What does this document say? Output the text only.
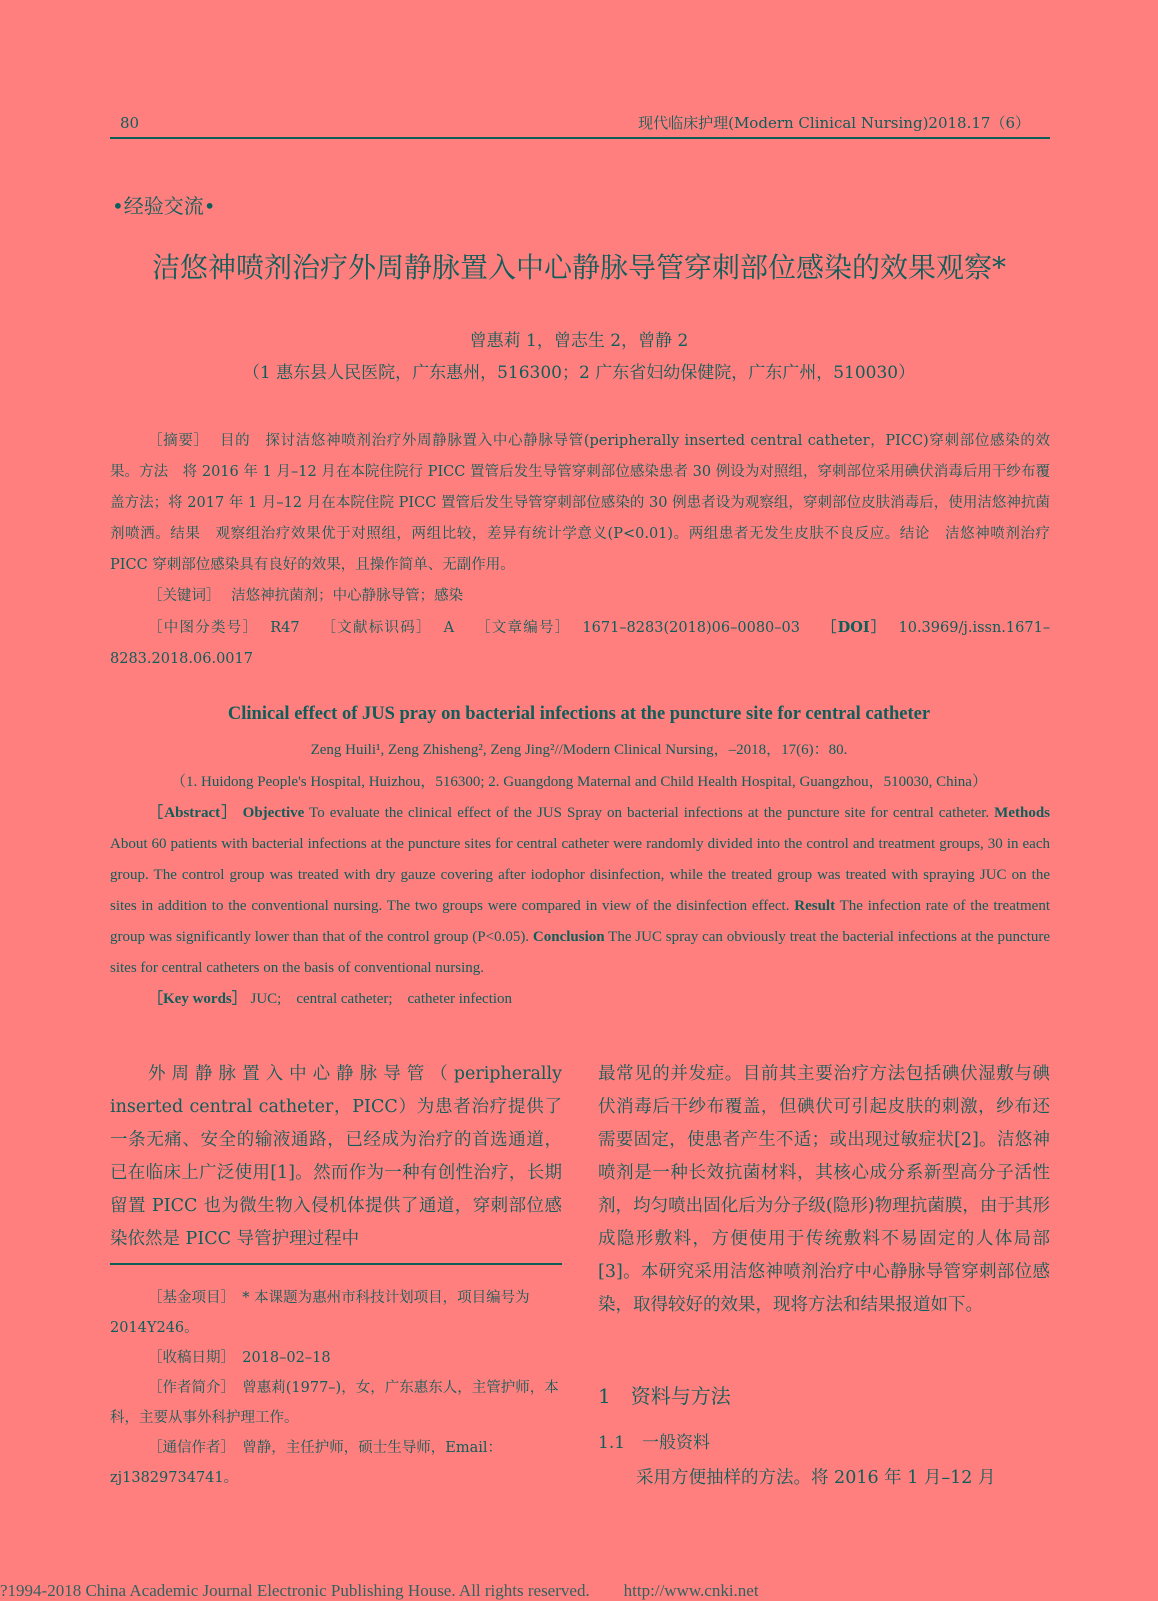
80	现代临床护理(Modern Clinical Nursing)2018.17（6）
•经验交流•
洁悠神喷剂治疗外周静脉置入中心静脉导管穿刺部位感染的效果观察*
曾惠莉 1，曾志生 2，曾静 2
（1 惠东县人民医院，广东惠州，516300；2 广东省妇幼保健院，广东广州，510030）

［摘要］ 目的　探讨洁悠神喷剂治疗外周静脉置入中心静脉导管(peripherally inserted central catheter，PICC)穿刺部位感染的效果。方法　将 2016 年 1 月–12 月在本院住院行 PICC 置管后发生导管穿刺部位感染患者 30 例设为对照组，穿刺部位采用碘伏消毒后用干纱布覆盖方法；将 2017 年 1 月–12 月在本院住院 PICC 置管后发生导管穿刺部位感染的 30 例患者设为观察组，穿刺部位皮肤消毒后，使用洁悠神抗菌剂喷洒。结果　观察组治疗效果优于对照组，两组比较，差异有统计学意义(P<0.01)。两组患者无发生皮肤不良反应。结论　洁悠神喷剂治疗 PICC 穿刺部位感染具有良好的效果，且操作简单、无副作用。

［关键词］ 洁悠神抗菌剂；中心静脉导管；感染

［中图分类号］ R47 ［文献标识码］ A ［文章编号］ 1671–8283(2018)06–0080–03 ［DOI］ 10.3969/j.issn.1671–8283.2018.06.0017

Clinical effect of JUS pray on bacterial infections at the puncture site for central catheter
Zeng Huili¹, Zeng Zhisheng², Zeng Jing²//Modern Clinical Nursing，–2018，17(6)：80.
（1. Huidong People's Hospital, Huizhou，516300; 2. Guangdong Maternal and Child Health Hospital, Guangzhou，510030, China）

［Abstract］ Objective To evaluate the clinical effect of the JUS Spray on bacterial infections at the puncture site for central catheter. Methods About 60 patients with bacterial infections at the puncture sites for central catheter were randomly divided into the control and treatment groups, 30 in each group. The control group was treated with dry gauze covering after iodophor disinfection, while the treated group was treated with spraying JUC on the sites in addition to the conventional nursing. The two groups were compared in view of the disinfection effect. Result The infection rate of the treatment group was significantly lower than that of the control group (P<0.05). Conclusion The JUC spray can obviously treat the bacterial infections at the puncture sites for central catheters on the basis of conventional nursing.

［Key words］ JUC;　central catheter;　catheter infection

外周静脉置入中心静脉导管（peripherally inserted central catheter，PICC）为患者治疗提供了一条无痛、安全的输液通路，已经成为治疗的首选通道，已在临床上广泛使用[1]。然而作为一种有创性治疗，长期留置 PICC 也为微生物入侵机体提供了通道，穿刺部位感染依然是 PICC 导管护理过程中

［基金项目］　* 本课题为惠州市科技计划项目，项目编号为 2014Y246。

［收稿日期］　2018–02–18

［作者简介］　曾惠莉(1977–)，女，广东惠东人，主管护师，本科，主要从事外科护理工作。

［通信作者］　曾静，主任护师，硕士生导师，Email：zj13829734741。

最常见的并发症。目前其主要治疗方法包括碘伏湿敷与碘伏消毒后干纱布覆盖，但碘伏可引起皮肤的刺激，纱布还需要固定，使患者产生不适；或出现过敏症状[2]。洁悠神喷剂是一种长效抗菌材料，其核心成分系新型高分子活性剂，均匀喷出固化后为分子级(隐形)物理抗菌膜，由于其形成隐形敷料，方便使用于传统敷料不易固定的人体局部[3]。本研究采用洁悠神喷剂治疗中心静脉导管穿刺部位感染，取得较好的效果，现将方法和结果报道如下。

1　资料与方法
1.1　一般资料
采用方便抽样的方法。将 2016 年 1 月–12 月
?1994-2018 China Academic Journal Electronic Publishing House. All rights reserved.　　http://www.cnki.net
